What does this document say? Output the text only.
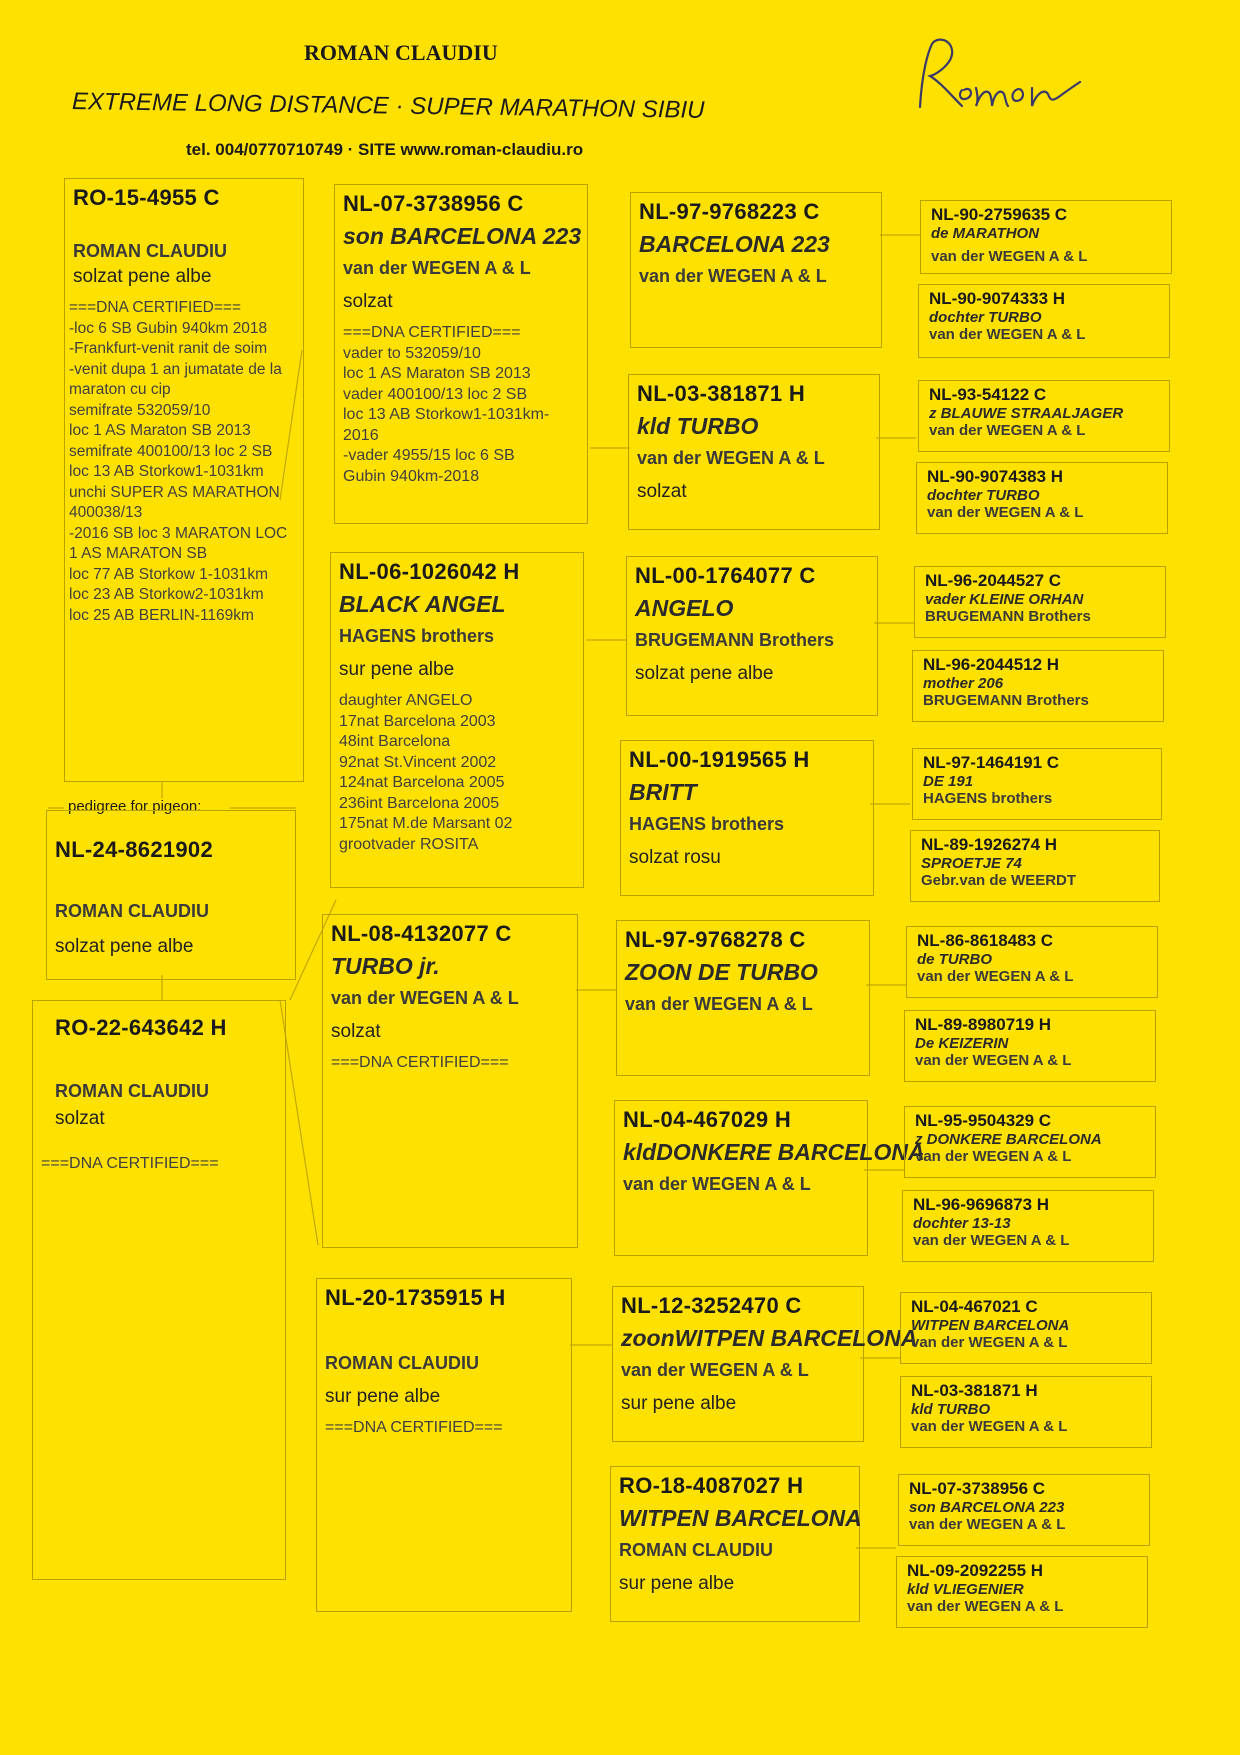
ROMAN CLAUDIU
EXTREME LONG DISTANCE · SUPER MARATHON SIBIU
tel. 004/0770710749 · SITE www.roman-claudiu.ro
RO-15-4955 C
ROMAN CLAUDIU
solzat pene albe
===DNA CERTIFIED===
-loc 6 SB Gubin 940km 2018
-Frankfurt-venit ranit de soim
-venit dupa 1 an jumatate de la maraton cu cip
semifrate 532059/10
loc 1 AS Maraton SB 2013
semifrate 400100/13 loc 2 SB loc 13 AB Storkow1-1031km
unchi SUPER AS MARATHON 400038/13
-2016 SB loc 3 MARATON LOC 1 AS MARATON SB
loc 77 AB Storkow 1-1031km
loc 23 AB Storkow2-1031km
loc 25 AB BERLIN-1169km
pedigree for pigeon:
NL-24-8621902
ROMAN CLAUDIU
solzat pene albe
RO-22-643642 H
ROMAN CLAUDIU
solzat
===DNA CERTIFIED===
NL-07-3738956 C
son BARCELONA 223
van der WEGEN A & L
solzat
===DNA CERTIFIED===
vader to 532059/10
loc 1 AS Maraton SB 2013
vader 400100/13 loc 2 SB
loc 13 AB Storkow1-1031km-2016
-vader 4955/15 loc 6 SB
Gubin 940km-2018
NL-06-1026042 H
BLACK ANGEL
HAGENS brothers
sur pene albe
daughter ANGELO
17nat Barcelona 2003
48int Barcelona
92nat St.Vincent 2002
124nat Barcelona 2005
236int Barcelona 2005
175nat M.de Marsant 02
grootvader ROSITA
NL-08-4132077 C
TURBO jr.
van der WEGEN A & L
solzat
===DNA CERTIFIED===
NL-20-1735915 H
ROMAN CLAUDIU
sur pene albe
===DNA CERTIFIED===
NL-97-9768223 C
BARCELONA 223
van der WEGEN A & L
NL-03-381871 H
kld TURBO
van der WEGEN A & L
solzat
NL-00-1764077 C
ANGELO
BRUGEMANN Brothers
solzat pene albe
NL-00-1919565 H
BRITT
HAGENS brothers
solzat rosu
NL-97-9768278 C
ZOON DE TURBO
van der WEGEN A & L
NL-04-467029 H
kldDONKERE BARCELONA
van der WEGEN A & L
NL-12-3252470 C
zoonWITPEN BARCELONA
van der WEGEN A & L
sur pene albe
RO-18-4087027 H
WITPEN BARCELONA
ROMAN CLAUDIU
sur pene albe
NL-90-2759635 C
de MARATHON
van der WEGEN A & L
NL-90-9074333 H
dochter TURBO
van der WEGEN A & L
NL-93-54122 C
z BLAUWE STRAALJAGER
van der WEGEN A & L
NL-90-9074383 H
dochter TURBO
van der WEGEN A & L
NL-96-2044527 C
vader KLEINE ORHAN
BRUGEMANN Brothers
NL-96-2044512 H
mother 206
BRUGEMANN Brothers
NL-97-1464191 C
DE 191
HAGENS brothers
NL-89-1926274 H
SPROETJE 74
Gebr.van de WEERDT
NL-86-8618483 C
de TURBO
van der WEGEN A & L
NL-89-8980719 H
De KEIZERIN
van der WEGEN A & L
NL-95-9504329 C
z DONKERE BARCELONA
van der WEGEN A & L
NL-96-9696873 H
dochter 13-13
van der WEGEN A & L
NL-04-467021 C
WITPEN BARCELONA
van der WEGEN A & L
NL-03-381871 H
kld TURBO
van der WEGEN A & L
NL-07-3738956 C
son BARCELONA 223
van der WEGEN A & L
NL-09-2092255 H
kld VLIEGENIER
van der WEGEN A & L
